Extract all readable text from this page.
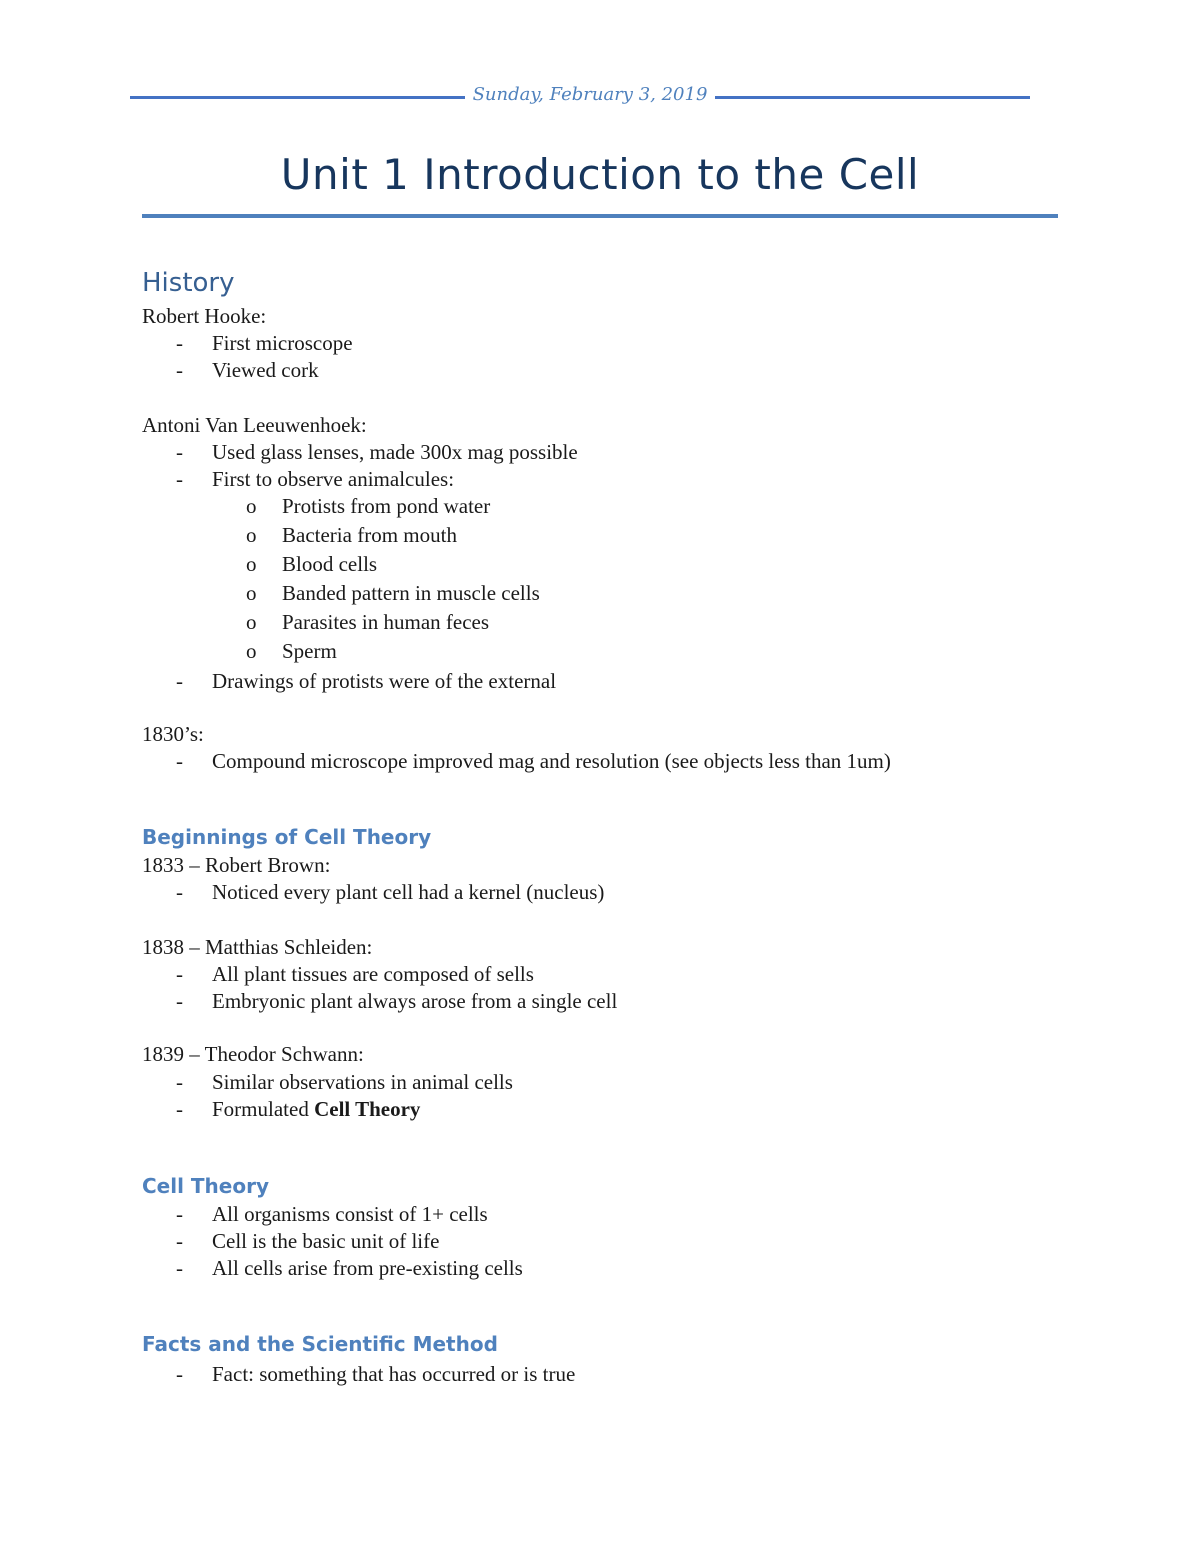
Sunday, February 3, 2019
Unit 1 Introduction to the Cell
History
Robert Hooke:
- First microscope
- Viewed cork
Antoni Van Leeuwenhoek:
- Used glass lenses, made 300x mag possible
- First to observe animalcules:
o Protists from pond water
o Bacteria from mouth
o Blood cells
o Banded pattern in muscle cells
o Parasites in human feces
o Sperm
- Drawings of protists were of the external
1830’s:
- Compound microscope improved mag and resolution (see objects less than 1um)
Beginnings of Cell Theory
1833 – Robert Brown:
- Noticed every plant cell had a kernel (nucleus)
1838 – Matthias Schleiden:
- All plant tissues are composed of sells
- Embryonic plant always arose from a single cell
1839 – Theodor Schwann:
- Similar observations in animal cells
- Formulated Cell Theory
Cell Theory
- All organisms consist of 1+ cells
- Cell is the basic unit of life
- All cells arise from pre-existing cells
Facts and the Scientific Method
- Fact: something that has occurred or is true
